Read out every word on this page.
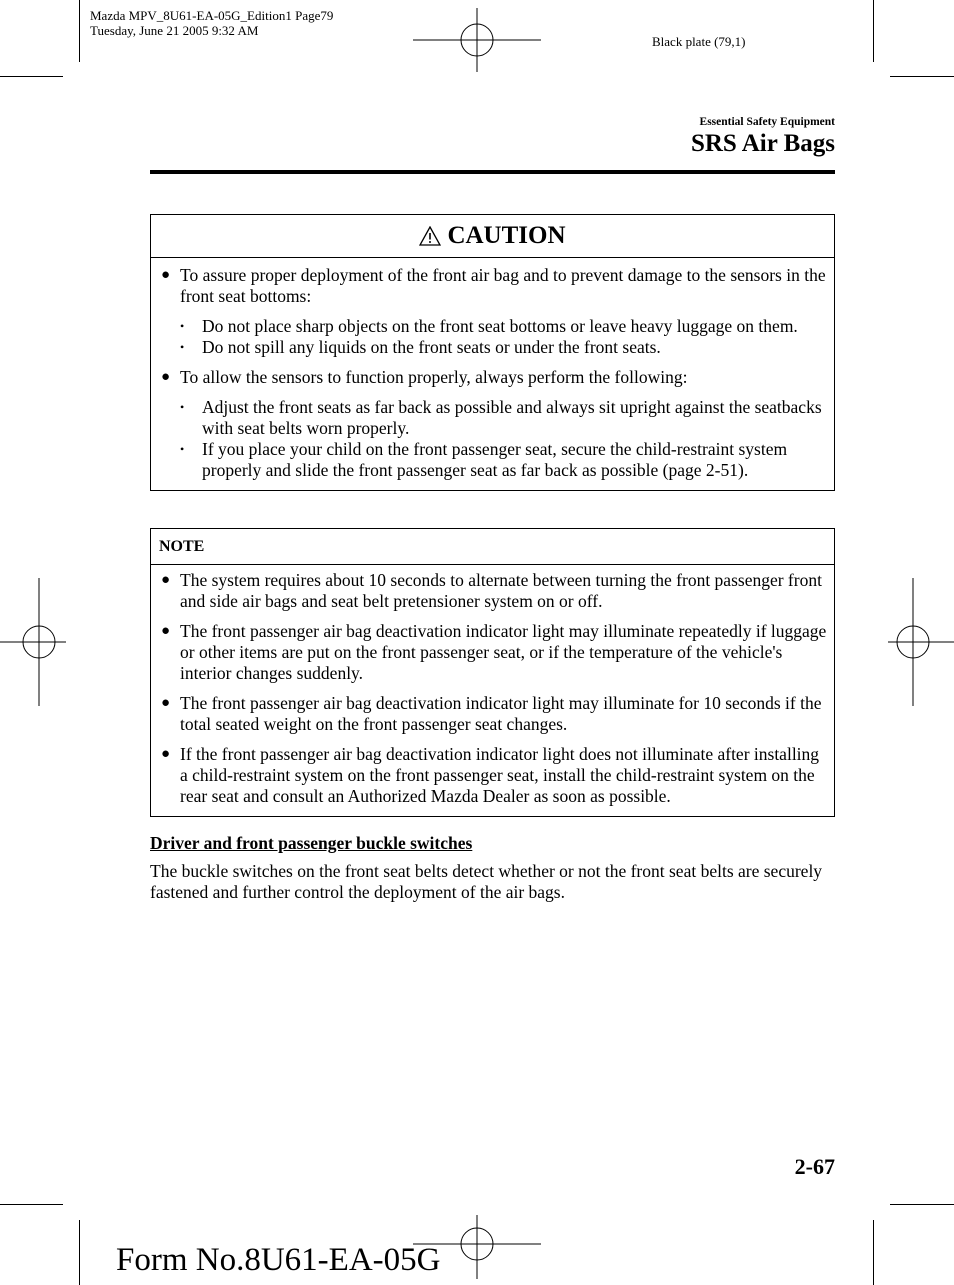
Mazda MPV_8U61-EA-05G_Edition1 Page79
Tuesday, June 21 2005 9:32 AM
Black plate (79,1)
Essential Safety Equipment
SRS Air Bags
CAUTION
● To assure proper deployment of the front air bag and to prevent damage to the sensors in the front seat bottoms:
• Do not place sharp objects on the front seat bottoms or leave heavy luggage on them.
• Do not spill any liquids on the front seats or under the front seats.
● To allow the sensors to function properly, always perform the following:
• Adjust the front seats as far back as possible and always sit upright against the seatbacks with seat belts worn properly.
• If you place your child on the front passenger seat, secure the child-restraint system properly and slide the front passenger seat as far back as possible (page 2-51).
NOTE
● The system requires about 10 seconds to alternate between turning the front passenger front and side air bags and seat belt pretensioner system on or off.
● The front passenger air bag deactivation indicator light may illuminate repeatedly if luggage or other items are put on the front passenger seat, or if the temperature of the vehicle's interior changes suddenly.
● The front passenger air bag deactivation indicator light may illuminate for 10 seconds if the total seated weight on the front passenger seat changes.
● If the front passenger air bag deactivation indicator light does not illuminate after installing a child-restraint system on the front passenger seat, install the child-restraint system on the rear seat and consult an Authorized Mazda Dealer as soon as possible.
Driver and front passenger buckle switches
The buckle switches on the front seat belts detect whether or not the front seat belts are securely fastened and further control the deployment of the air bags.
2-67
Form No.8U61-EA-05G
